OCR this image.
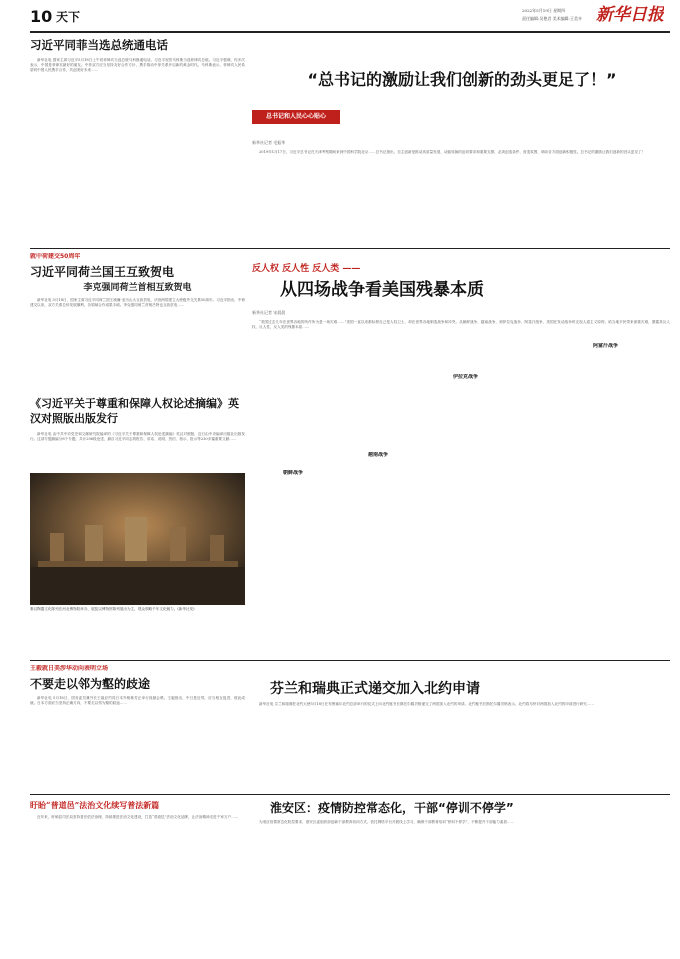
10 天下	2022年5月19日 星期四
责任编辑:吴艳君 美术编辑:王美卉 新华日报
习近平同菲当选总统通电话
新华社电 国家主席习近平5月18日上午同菲律宾当选总统马科斯通电话。习近平祝贺马科斯当选菲律宾总统。习近平强调，你多次表示，中国是菲律宾最好的朋友。中菲双方应当坚持友好合作方针，携手推动中菲关系开启新的黄金时代。马科斯表示，菲律宾人民希望同中国人民携手合作，共创美好未来……
“总书记的激励让我们创新的劲头更足了！”
总书记和人民心心贴心
新华社记者 毛振华
2019年1月17日，习近平总书记在天津考察期间来到中国科学院北京……总书记指出，自主创新是推动高质量发展、动能转换的迫切要求和重要支撑，必须创造条件、营造氛围，调动各方面创新积极性。总书记的激励让我们创新的劲头更足了！
就中荷建交50周年
习近平同荷兰国王互致贺电
李克强同荷兰首相互致贺电
新华社电 5月18日，国家主席习近平同荷兰国王威廉-亚历山大互致贺电，庆祝两国建立大使级外交关系50周年。习近平指出，中荷建交以来，双方关系总体发展顺利，各领域合作成果丰硕。李克强同荷兰首相吕特也互致贺电……
《习近平关于尊重和保障人权论述摘编》英汉对照版出版发行
新华社电 由中共中央党史和文献研究院编译的《习近平关于尊重和保障人权论述摘编》英汉对照版，近日由中央编译出版社出版发行。这部专题摘编分8个专题，共计296段论述，摘自习近平同志的报告、讲话、说明、贺信、指示、批示等230多篇重要文献……
秦汉陶器文化陈列在河北博物院举办，展览以博物馆陈列展出为主，观众领略千年文化魅力。(新华社发)
反人权 反人性 反人类 ——
从四场战争看美国残暴本质
新华社记者 宋晨晨
“美国过去几年在世界各地的所作所为是一场灾难……”美国一直以来都标榜自己是人权卫士，却在世界各地制造战争和冲突。从朝鲜战争、越南战争，到伊拉克战争、阿富汗战争，美国在发动战争时无视人道主义原则，给当地平民带来深重灾难，暴露其反人权、反人性、反人类的残暴本质……
朝鲜战争
越南战争
伊拉克战争
阿富汗战争
王毅就日美涉华动向表明立场
不要走以邻为壑的歧途
新华社电 5月18日，国务委员兼外长王毅应约同日本外相林芳正举行视频会晤。王毅指出，中日是近邻，应当相互促进、彼此成就。日本方面应当坚持正确方向，不要走以邻为壑的歧途……
芬兰和瑞典正式递交加入北约申请
新华社电 芬兰和瑞典驻北约大使5月18日在布鲁塞尔北约总部举行的仪式上向北约秘书长斯托尔滕贝格递交了两国加入北约的申请。北约秘书长斯托尔滕贝格表示，北约将尽快对两国加入北约的申请进行研究……
盱眙“普道邑”法治文化续写普法新篇
近年来，盱眙县司法局坚持普法依法治理，持续推进法治文化建设，打造“普道邑”法治文化品牌，让法治精神走进千家万户……
淮安区：疫情防控常态化，干部“停训不停学”
为适应疫情常态化防控要求，淮安区委组织部创新干部教育培训方式，依托网络平台开展线上学习，确保干部教育培训“停训不停学”，不断提升干部能力素质……
